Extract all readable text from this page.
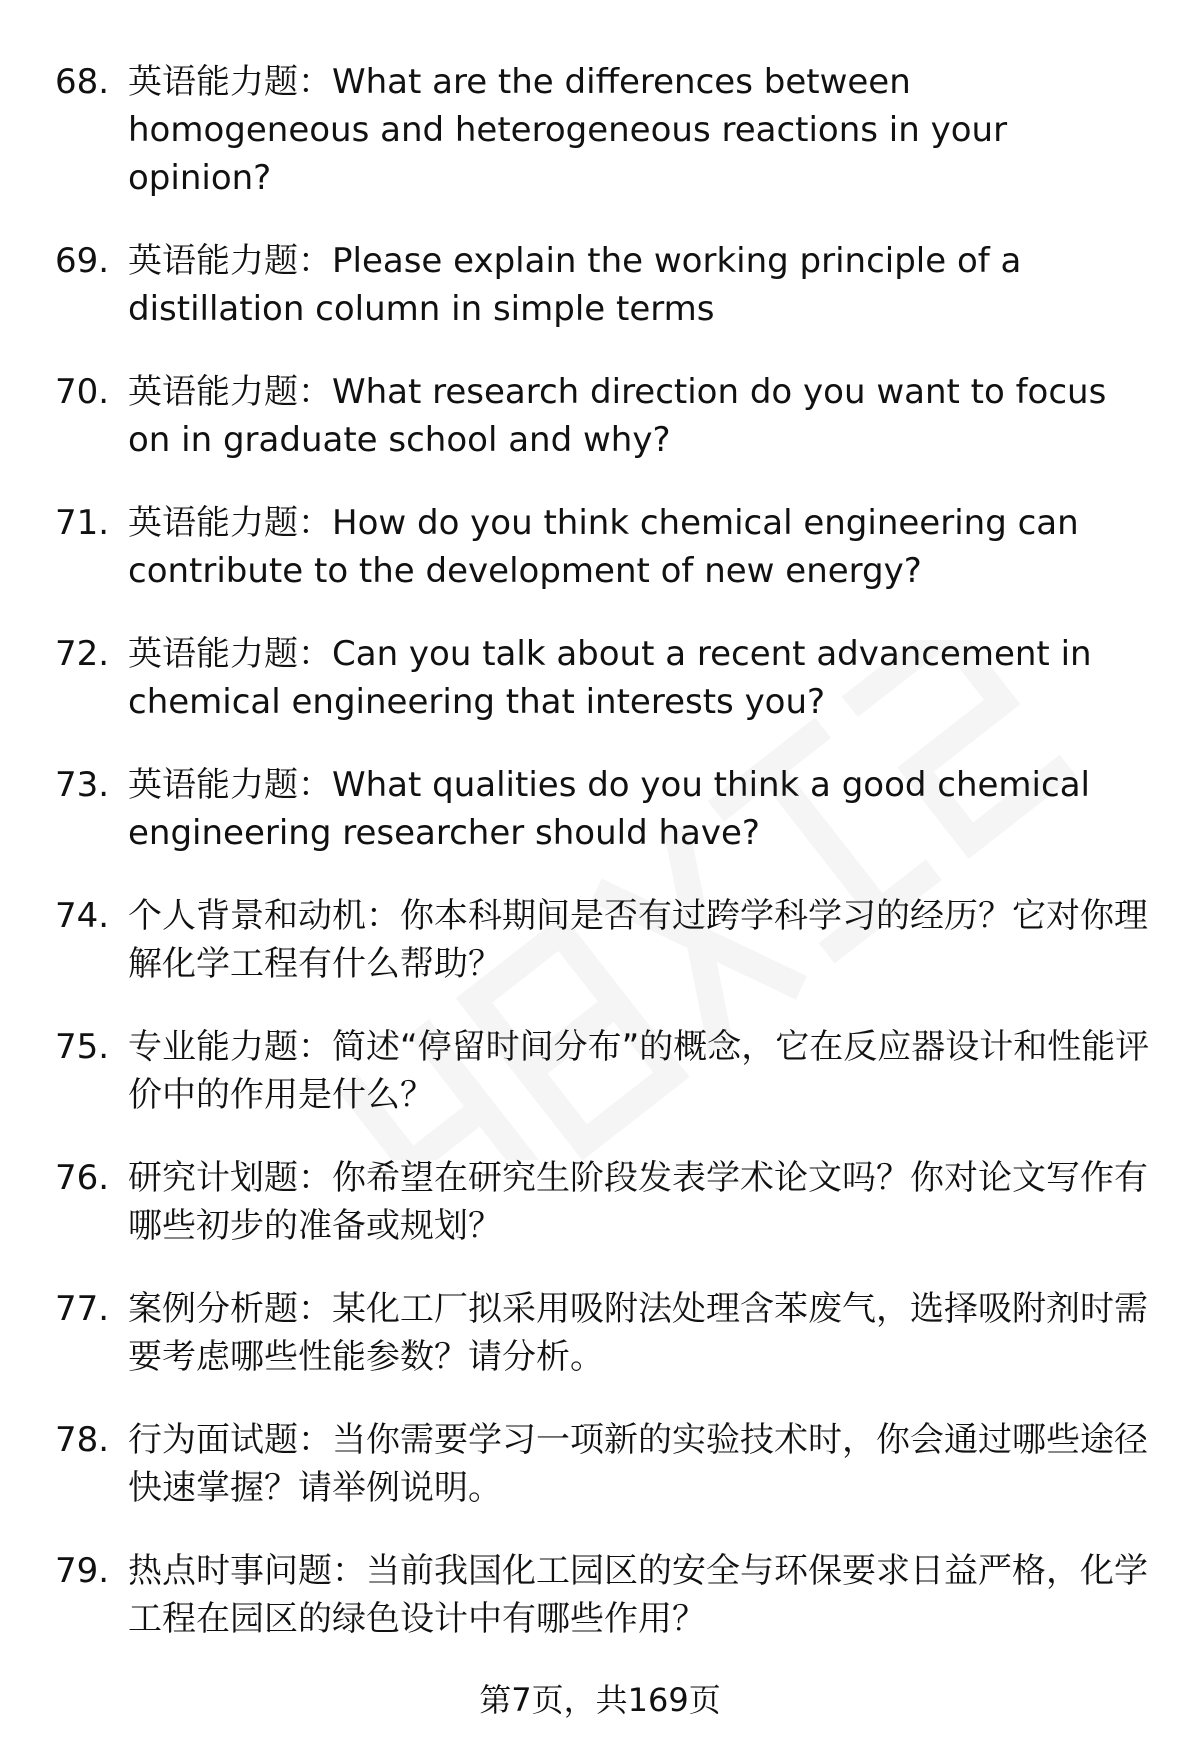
68. 英语能力题：What are the differences between homogeneous and heterogeneous reactions in your opinion?
69. 英语能力题：Please explain the working principle of a distillation column in simple terms
70. 英语能力题：What research direction do you want to focus on in graduate school and why?
71. 英语能力题：How do you think chemical engineering can contribute to the development of new energy?
72. 英语能力题：Can you talk about a recent advancement in chemical engineering that interests you?
73. 英语能力题：What qualities do you think a good chemical engineering researcher should have?
74. 个人背景和动机：你本科期间是否有过跨学科学习的经历？它对你理解化学工程有什么帮助？
75. 专业能力题：简述“停留时间分布”的概念，它在反应器设计和性能评价中的作用是什么？
76. 研究计划题：你希望在研究生阶段发表学术论文吗？你对论文写作有哪些初步的准备或规划？
77. 案例分析题：某化工厂拟采用吸附法处理含苯废气，选择吸附剂时需要考虑哪些性能参数？请分析。
78. 行为面试题：当你需要学习一项新的实验技术时，你会通过哪些途径快速掌握？请举例说明。
79. 热点时事问题：当前我国化工园区的安全与环保要求日益严格，化学工程在园区的绿色设计中有哪些作用？
第7页，共169页
